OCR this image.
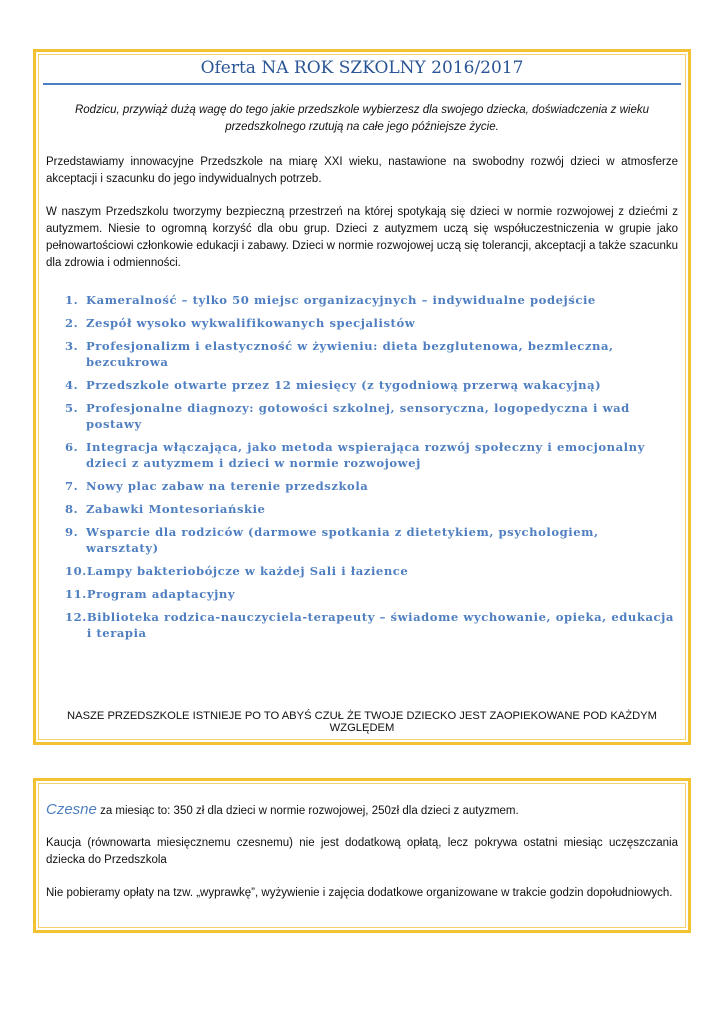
Oferta NA ROK SZKOLNY 2016/2017
Rodzicu, przywiąż dużą wagę do tego jakie przedszkole wybierzesz dla swojego dziecka, doświadczenia z wieku przedszkolnego rzutują na całe jego późniejsze życie.
Przedstawiamy innowacyjne Przedszkole na miarę XXI wieku, nastawione na swobodny rozwój dzieci w atmosferze akceptacji i szacunku do jego indywidualnych potrzeb.
W naszym Przedszkolu tworzymy bezpieczną przestrzeń na której spotykają się dzieci w normie rozwojowej z dziećmi z autyzmem. Niesie to ogromną korzyść dla obu grup. Dzieci z autyzmem uczą się współuczestniczenia w grupie jako pełnowartościowi członkowie edukacji i zabawy. Dzieci w normie rozwojowej uczą się tolerancji, akceptacji a także szacunku dla zdrowia i odmienności.
1. Kameralność – tylko 50 miejsc organizacyjnych – indywidualne podejście
2. Zespół wysoko wykwalifikowanych specjalistów
3. Profesjonalizm i elastyczność w żywieniu: dieta bezglutenowa, bezmleczna, bezcukrowa
4. Przedszkole otwarte przez 12 miesięcy (z tygodniową przerwą wakacyjną)
5. Profesjonalne diagnozy: gotowości szkolnej, sensoryczna, logopedyczna i wad postawy
6. Integracja włączająca, jako metoda wspierająca rozwój społeczny i emocjonalny dzieci z autyzmem i dzieci w normie rozwojowej
7. Nowy plac zabaw na terenie przedszkola
8. Zabawki Montesoriańskie
9. Wsparcie dla rodziców (darmowe spotkania z dietetykiem, psychologiem, warsztaty)
10. Lampy bakteriobójcze w każdej Sali i łazience
11. Program adaptacyjny
12. Biblioteka rodzica-nauczyciela-terapeuty – świadome wychowanie, opieka, edukacja i terapia
NASZE PRZEDSZKOLE ISTNIEJE PO TO ABYŚ CZUŁ ŻE TWOJE DZIECKO JEST ZAOPIEKOWANE POD KAŻDYM WZGLĘDEM
Czesne za miesiąc to: 350 zł dla dzieci w normie rozwojowej, 250zł dla dzieci z autyzmem.
Kaucja (równowarta miesięcznemu czesnemu) nie jest dodatkową opłatą, lecz pokrywa ostatni miesiąc uczęszczania dziecka do Przedszkola
Nie pobieramy opłaty na tzw. „wyprawkę”, wyżywienie i zajęcia dodatkowe organizowane w trakcie godzin dopołudniowych.
